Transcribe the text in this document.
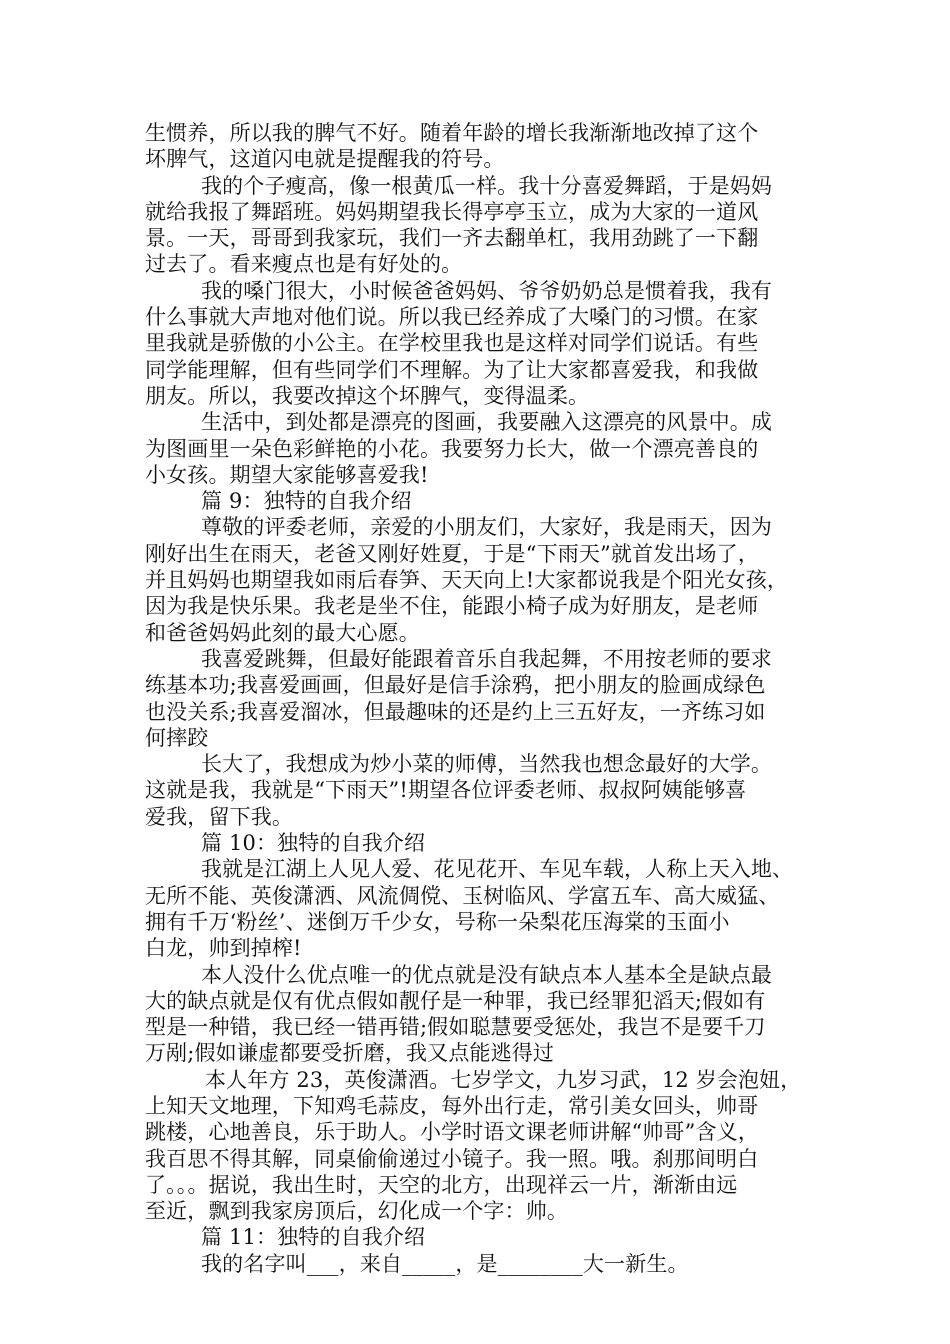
生惯养，所以我的脾气不好。随着年龄的增长我渐渐地改掉了这个
坏脾气，这道闪电就是提醒我的符号。
我的个子瘦高，像一根黄瓜一样。我十分喜爱舞蹈，于是妈妈
就给我报了舞蹈班。妈妈期望我长得亭亭玉立，成为大家的一道风
景。一天，哥哥到我家玩，我们一齐去翻单杠，我用劲跳了一下翻
过去了。看来瘦点也是有好处的。
我的嗓门很大，小时候爸爸妈妈、爷爷奶奶总是惯着我，我有
什么事就大声地对他们说。所以我已经养成了大嗓门的习惯。在家
里我就是骄傲的小公主。在学校里我也是这样对同学们说话。有些
同学能理解，但有些同学们不理解。为了让大家都喜爱我，和我做
朋友。所以，我要改掉这个坏脾气，变得温柔。
生活中，到处都是漂亮的图画，我要融入这漂亮的风景中。成
为图画里一朵色彩鲜艳的小花。我要努力长大，做一个漂亮善良的
小女孩。期望大家能够喜爱我!
篇 9：独特的自我介绍
尊敬的评委老师，亲爱的小朋友们，大家好，我是雨天，因为
刚好出生在雨天，老爸又刚好姓夏，于是“下雨天”就首发出场了，
并且妈妈也期望我如雨后春笋、天天向上!大家都说我是个阳光女孩，
因为我是快乐果。我老是坐不住，能跟小椅子成为好朋友，是老师
和爸爸妈妈此刻的最大心愿。
我喜爱跳舞，但最好能跟着音乐自我起舞，不用按老师的要求
练基本功;我喜爱画画，但最好是信手涂鸦，把小朋友的脸画成绿色
也没关系;我喜爱溜冰，但最趣味的还是约上三五好友，一齐练习如
何摔跤
长大了，我想成为炒小菜的师傅，当然我也想念最好的大学。
这就是我，我就是“下雨天”!期望各位评委老师、叔叔阿姨能够喜
爱我，留下我。
篇 10：独特的自我介绍
我就是江湖上人见人爱、花见花开、车见车载，人称上天入地、
无所不能、英俊潇洒、风流倜傥、玉树临风、学富五车、高大威猛、
拥有千万‘粉丝’、迷倒万千少女，号称一朵梨花压海棠的玉面小
白龙，帅到掉榨!
本人没什么优点唯一的优点就是没有缺点本人基本全是缺点最
大的缺点就是仅有优点假如靓仔是一种罪，我已经罪犯滔天;假如有
型是一种错，我已经一错再错;假如聪慧要受惩处，我岂不是要千刀
万剐;假如谦虚都要受折磨，我又点能逃得过
本人年方 23，英俊潇酒。七岁学文，九岁习武，12 岁会泡妞，
上知天文地理，下知鸡毛蒜皮，每外出行走，常引美女回头，帅哥
跳楼，心地善良，乐于助人。小学时语文课老师讲解“帅哥”含义，
我百思不得其解，同桌偷偷递过小镜子。我一照。哦。刹那间明白
了。。。据说，我出生时，天空的北方，出现祥云一片，渐渐由远
至近，飘到我家房顶后，幻化成一个字：帅。
篇 11：独特的自我介绍
我的名字叫___，来自_____，是________大一新生。
